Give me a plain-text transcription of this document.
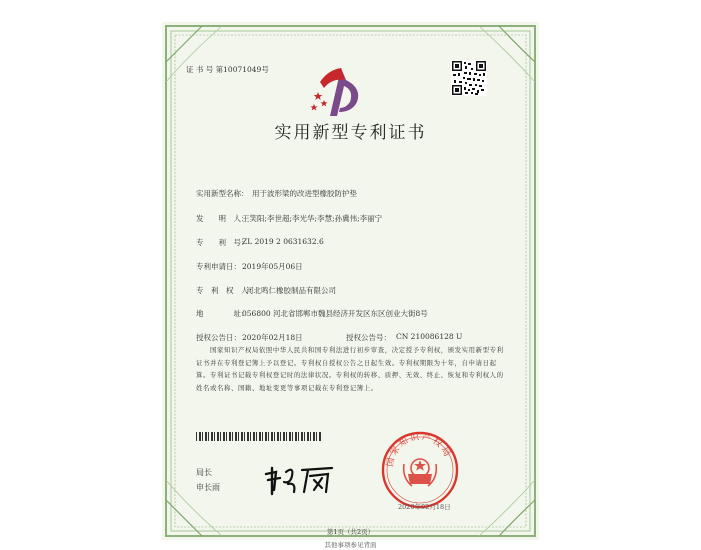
证 书 号 第10071049号
实用新型专利证书
实用新型名称： 用于波形梁的改进型橡胶防护垫
发　　明　人：
王笑阳;李世超;李光华;李慧;孙冀伟;李丽宁
专　　利　号：
ZL 2019 2 0631632.6
专利申请日： 2019年05月06日
专　利　权　人：
河北鸣仁橡胶制品有限公司
地　　　　址：
056800 河北省邯郸市魏县经济开发区东区创业大街8号
授权公告日： 2020年02月18日	授权公告号： CN 210086128 U
国家知识产权局依照中华人民共和国专利法进行初步审查，决定授予专利权，颁发实用新型专利证书并在专利登记簿上予以登记。专利权自授权公告之日起生效。专利权期限为十年，自申请日起算。专利证书记载专利权登记时的法律状况。专利权的转移、质押、无效、终止、恢复和专利权人的姓名或名称、国籍、地址变更等事项记载在专利登记簿上。
局长
申长雨
国家知识产权局
2020年02月18日
第1页（共2页）
其他事项参见背面
